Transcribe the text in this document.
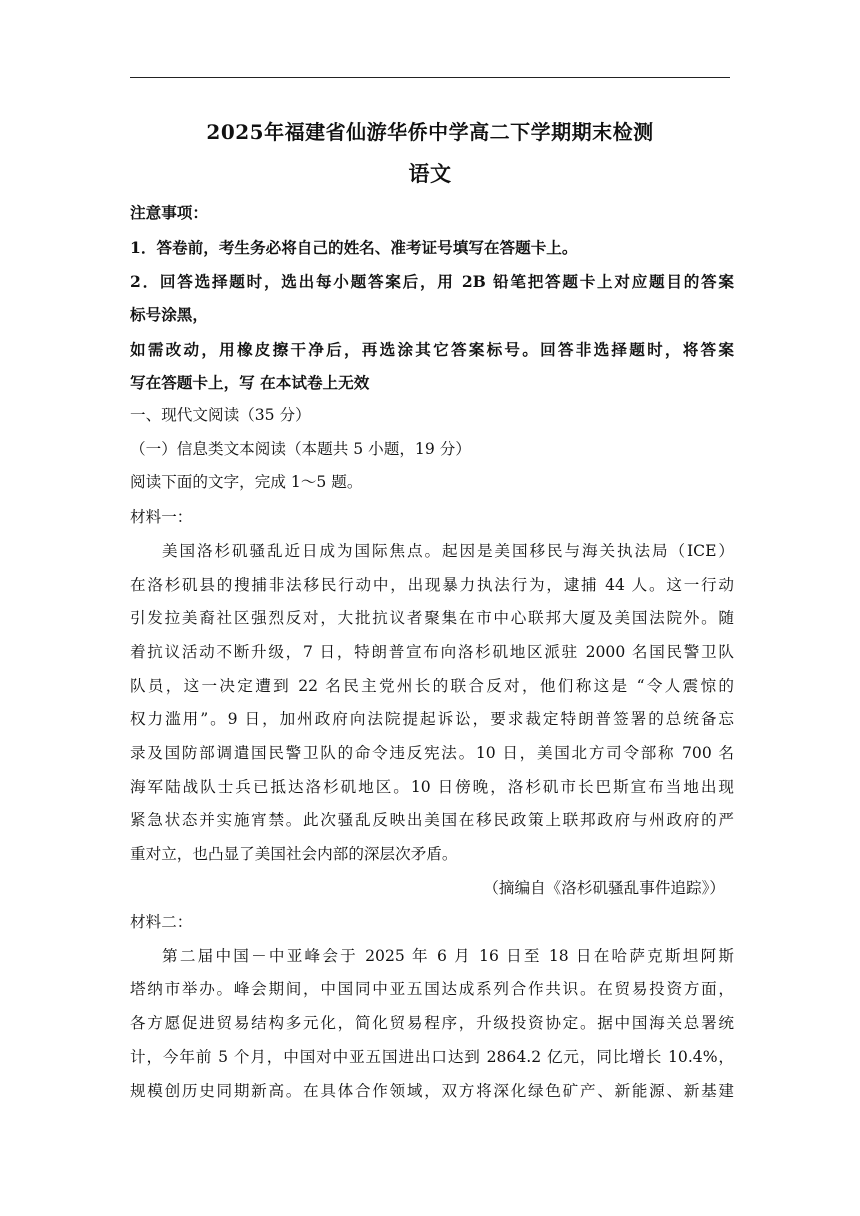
2025年福建省仙游华侨中学高二下学期期末检测
语文
注意事项：
1．答卷前，考生务必将自己的姓名、准考证号填写在答题卡上。
2．回答选择题时，选出每小题答案后，用 2B 铅笔把答题卡上对应题目的答案
标号涂黑，
如需改动，用橡皮擦干净后，再选涂其它答案标号。回答非选择题时，将答案
写在答题卡上，写 在本试卷上无效
一、现代文阅读（35 分）
（一）信息类文本阅读（本题共 5 小题，19 分）
阅读下面的文字，完成 1～5 题。
材料一：
美国洛杉矶骚乱近日成为国际焦点。起因是美国移民与海关执法局（ICE）
在洛杉矶县的搜捕非法移民行动中，出现暴力执法行为，逮捕 44 人。这一行动
引发拉美裔社区强烈反对，大批抗议者聚集在市中心联邦大厦及美国法院外。随
着抗议活动不断升级，7 日，特朗普宣布向洛杉矶地区派驻 2000 名国民警卫队
队员，这一决定遭到 22 名民主党州长的联合反对，他们称这是 “令人震惊的
权力滥用”。9 日，加州政府向法院提起诉讼，要求裁定特朗普签署的总统备忘
录及国防部调遣国民警卫队的命令违反宪法。10 日，美国北方司令部称 700 名
海军陆战队士兵已抵达洛杉矶地区。10 日傍晚，洛杉矶市长巴斯宣布当地出现
紧急状态并实施宵禁。此次骚乱反映出美国在移民政策上联邦政府与州政府的严
重对立，也凸显了美国社会内部的深层次矛盾。
（摘编自《洛杉矶骚乱事件追踪》）
材料二：
第二届中国－中亚峰会于 2025 年 6 月 16 日至 18 日在哈萨克斯坦阿斯
塔纳市举办。峰会期间，中国同中亚五国达成系列合作共识。在贸易投资方面，
各方愿促进贸易结构多元化，简化贸易程序，升级投资协定。据中国海关总署统
计，今年前 5 个月，中国对中亚五国进出口达到 2864.2 亿元，同比增长 10.4%，
规模创历史同期新高。在具体合作领域，双方将深化绿色矿产、新能源、新基建
